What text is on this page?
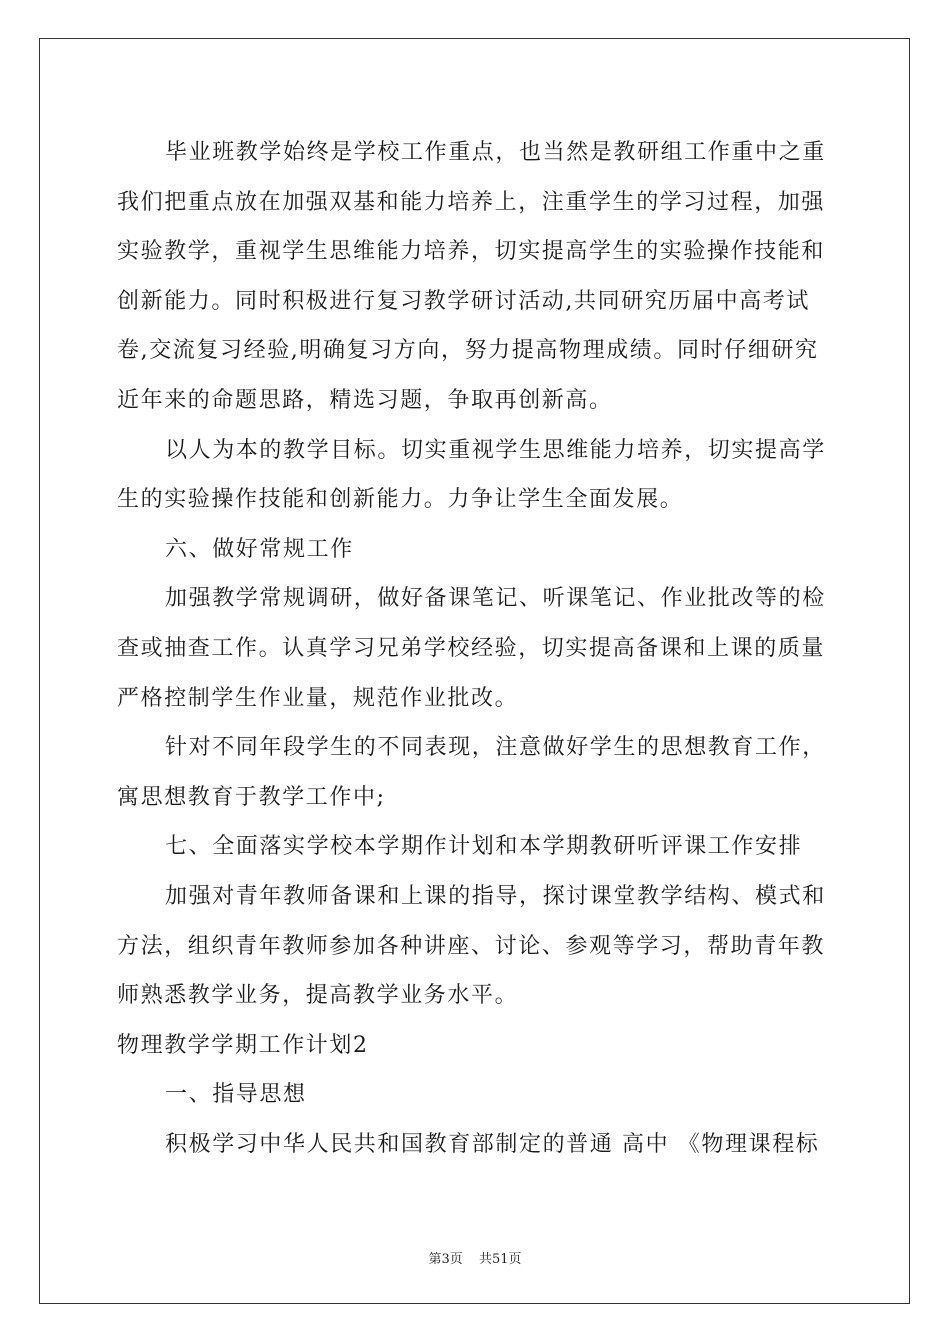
毕业班教学始终是学校工作重点，也当然是教研组工作重中之重
我们把重点放在加强双基和能力培养上，注重学生的学习过程，加强
实验教学，重视学生思维能力培养，切实提高学生的实验操作技能和
创新能力。同时积极进行复习教学研讨活动,共同研究历届中高考试
卷,交流复习经验,明确复习方向，努力提高物理成绩。同时仔细研究
近年来的命题思路，精选习题，争取再创新高。
以人为本的教学目标。切实重视学生思维能力培养，切实提高学
生的实验操作技能和创新能力。力争让学生全面发展。
六、做好常规工作
加强教学常规调研，做好备课笔记、听课笔记、作业批改等的检
查或抽查工作。认真学习兄弟学校经验，切实提高备课和上课的质量
严格控制学生作业量，规范作业批改。
针对不同年段学生的不同表现，注意做好学生的思想教育工作，
寓思想教育于教学工作中;
七、全面落实学校本学期作计划和本学期教研听评课工作安排
加强对青年教师备课和上课的指导，探讨课堂教学结构、模式和
方法，组织青年教师参加各种讲座、讨论、参观等学习，帮助青年教
师熟悉教学业务，提高教学业务水平。
物理教学学期工作计划2
一、指导思想
积极学习中华人民共和国教育部制定的普通 高中 《物理课程标
第3页 共51页
